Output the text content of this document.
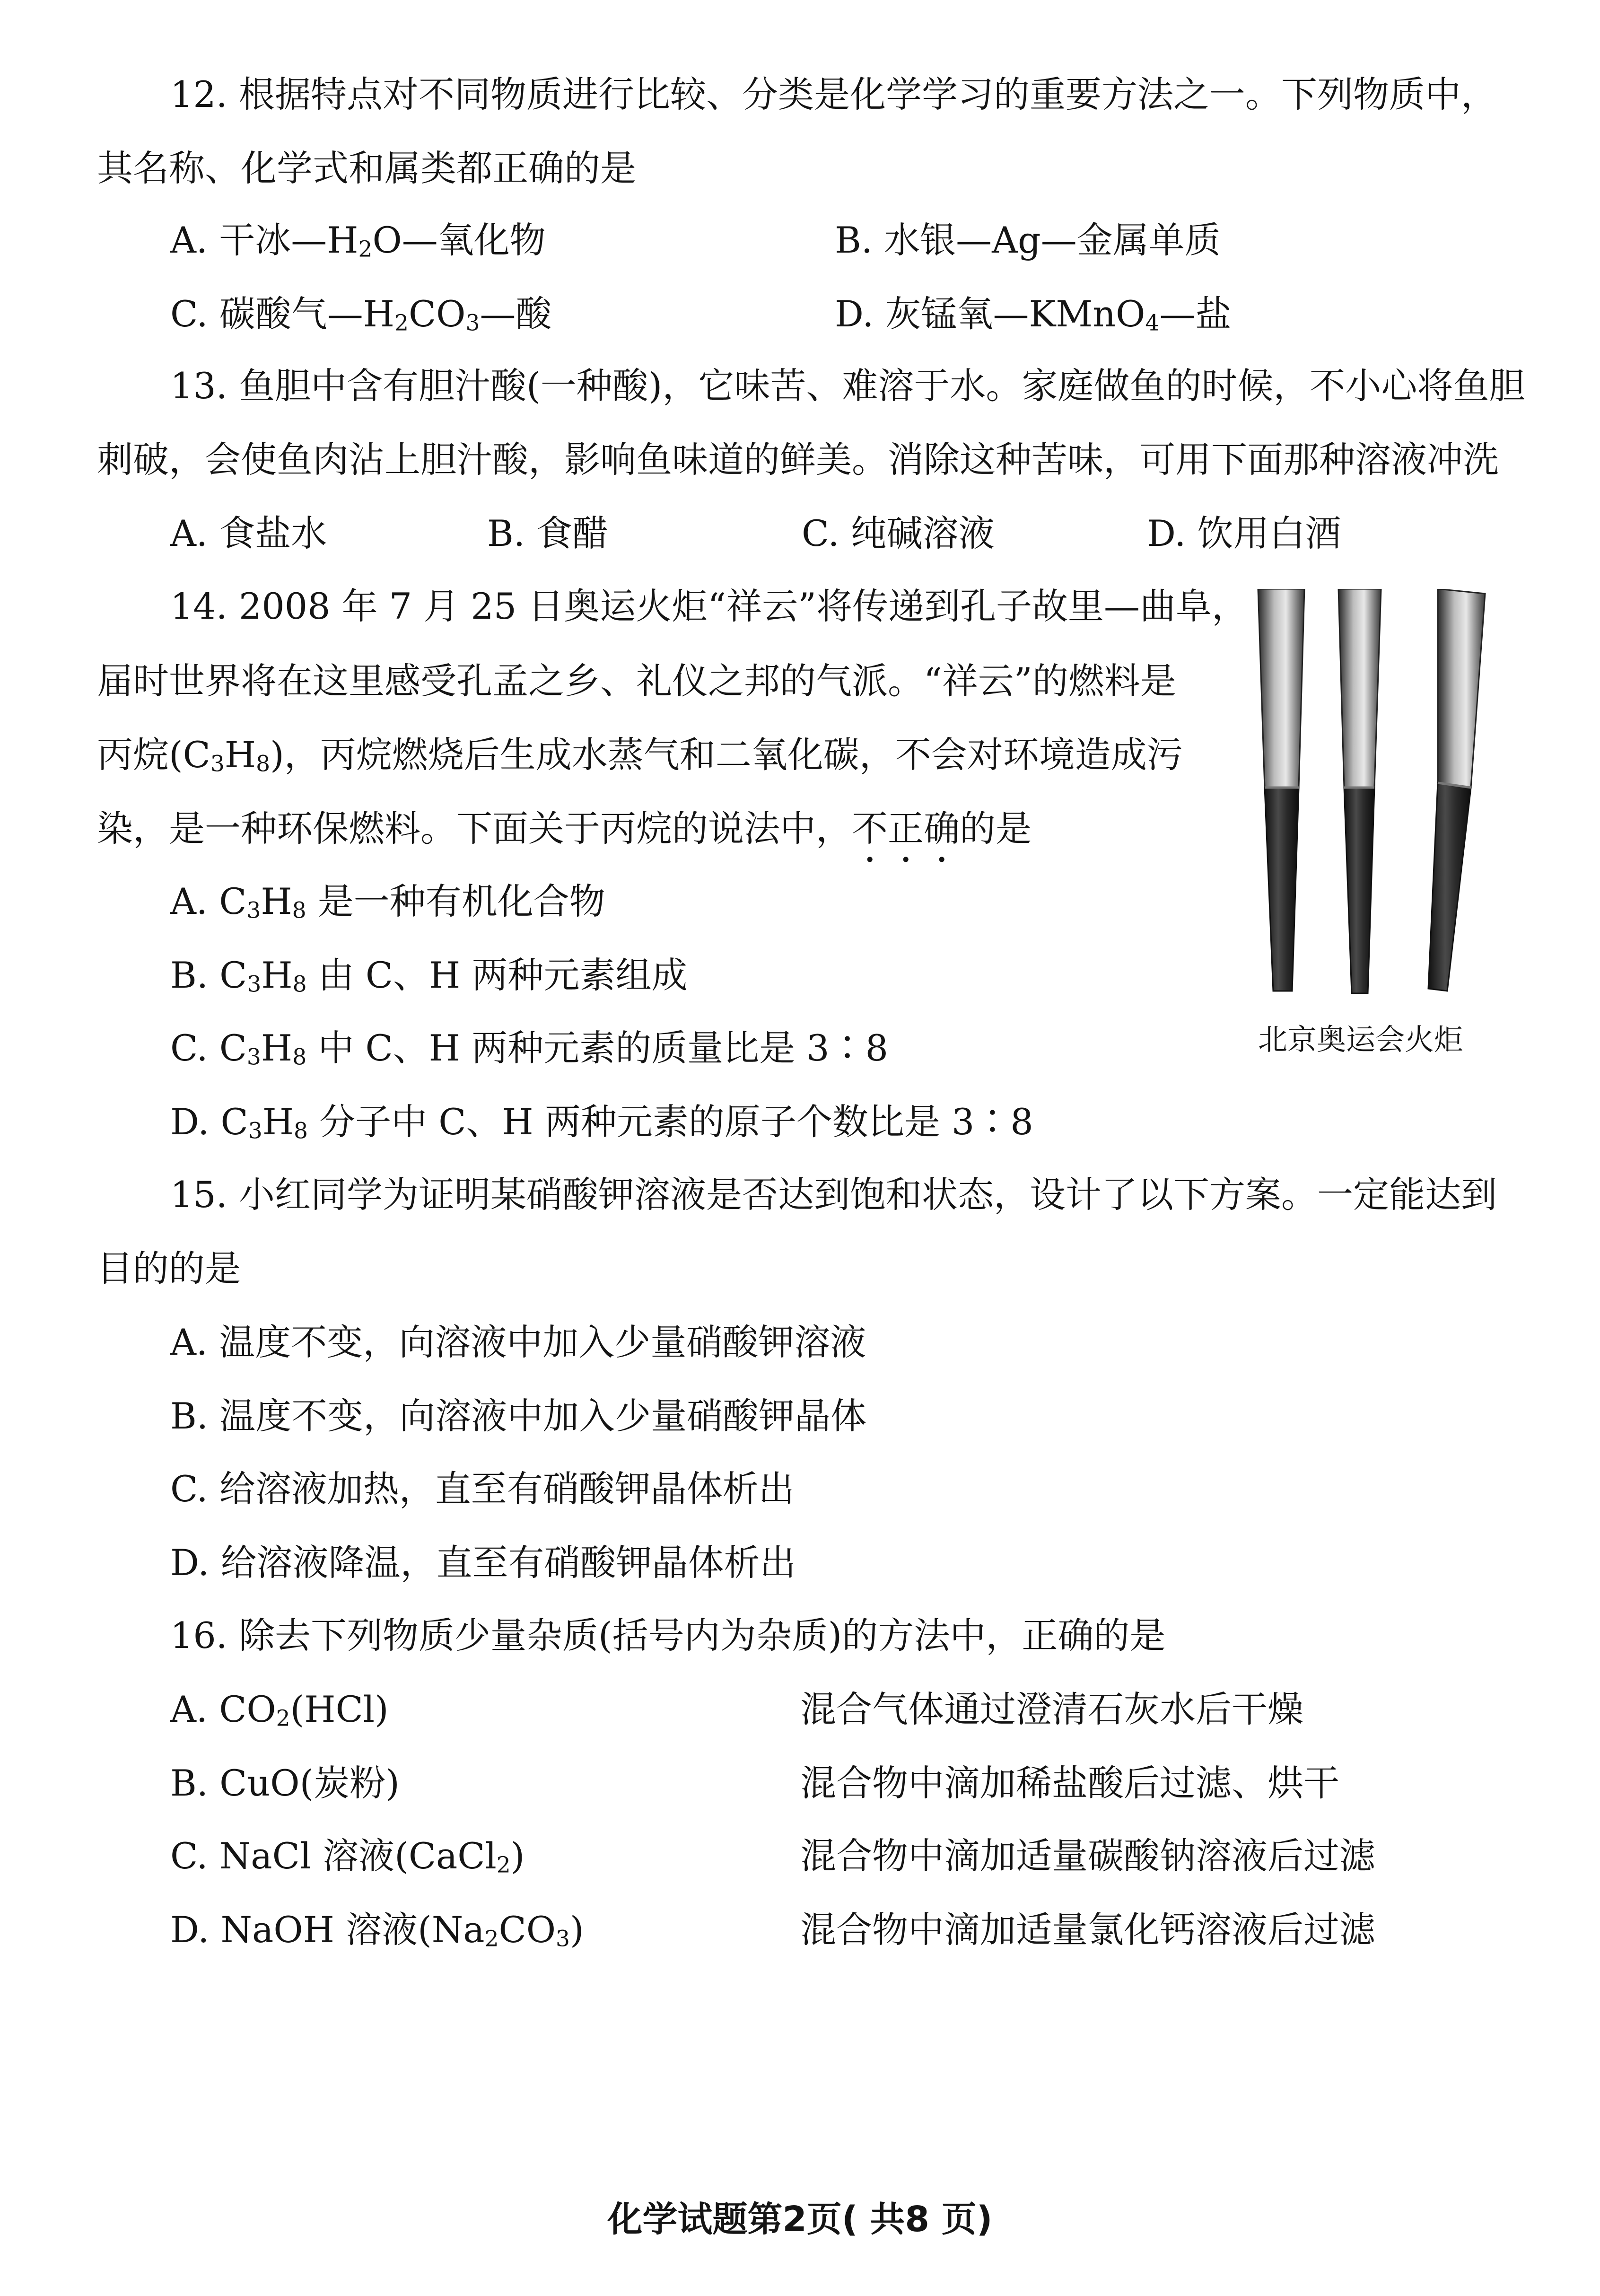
12. 根据特点对不同物质进行比较、分类是化学学习的重要方法之一。下列物质中，
其名称、化学式和属类都正确的是
A. 干冰$—H_2O—$氧化物	B. 水银—Ag—金属单质
C. 碳酸气$—H_2CO_3—$酸	D. 灰锰氧—KMnO$_4$—盐
13. 鱼胆中含有胆汁酸(一种酸)，它味苦、难溶于水。家庭做鱼的时候，不小心将鱼胆
刺破，会使鱼肉沾上胆汁酸，影响鱼味道的鲜美。消除这种苦味，可用下面那种溶液冲洗
A. 食盐水	B. 食醋	C. 纯碱溶液	D. 饮用白酒
14. 2008 年 7 月 25 日奥运火炬“祥云”将传递到孔子故里—曲阜，
届时世界将在这里感受孔孟之乡、礼仪之邦的气派。“祥云”的燃料是
丙烷$(C_3H_8)$，丙烷燃烧后生成水蒸气和二氧化碳，不会对环境造成污
染，是一种环保燃料。下面关于丙烷的说法中，不正确的是
A. $C_3H_8$ 是一种有机化合物
B. $C_3H_8$ 由 C、H 两种元素组成
C. $C_3H_8$ 中 C、H 两种元素的质量比是 3∶8
D. $C_3H_8$ 分子中 C、H 两种元素的原子个数比是 3∶8
北京奥运会火炬
15. 小红同学为证明某硝酸钾溶液是否达到饱和状态，设计了以下方案。一定能达到
目的的是
A. 温度不变，向溶液中加入少量硝酸钾溶液
B. 温度不变，向溶液中加入少量硝酸钾晶体
C. 给溶液加热，直至有硝酸钾晶体析出
D. 给溶液降温，直至有硝酸钾晶体析出
16. 除去下列物质少量杂质(括号内为杂质)的方法中，正确的是
A. $CO_2(HCl)$	混合气体通过澄清石灰水后干燥
B. CuO(炭粉)	混合物中滴加稀盐酸后过滤、烘干
C. NaCl 溶液(CaCl$_2$)	混合物中滴加适量碳酸钠溶液后过滤
D. NaOH 溶液$(Na_2CO_3)$	混合物中滴加适量氯化钙溶液后过滤
化学试题第2页( 共8 页)
